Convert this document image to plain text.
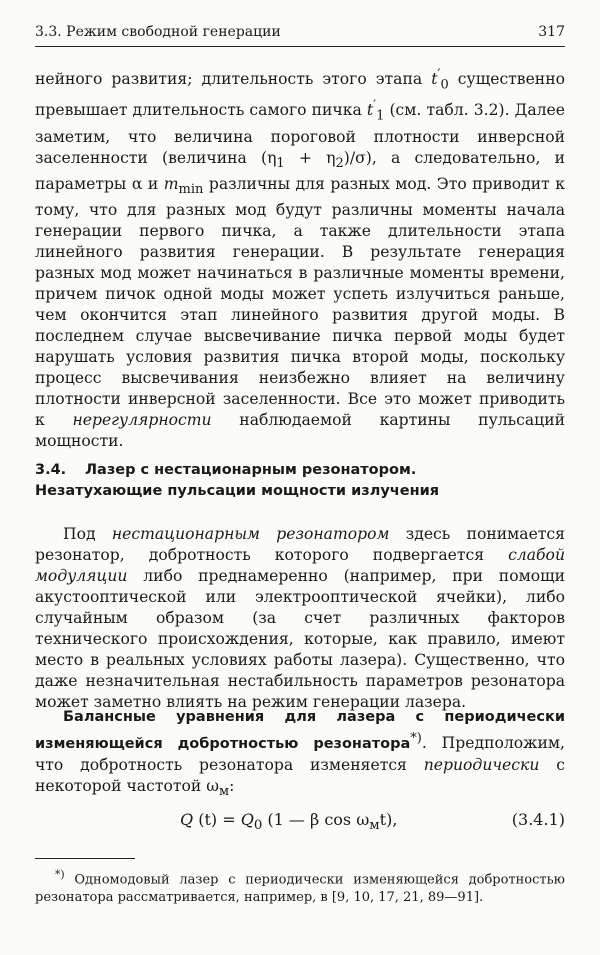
3.3. Режим свободной генерации	317

нейного развития; длительность этого этапа $t'_0$ существенно превышает длительность самого пичка $t'_1$ (см. табл. 3.2). Далее заметим, что величина пороговой плотности инверсной заселенности (величина $(\eta_1 + \eta_2)/\sigma$), а следовательно, и параметры α и $m_{min}$ различны для разных мод. Это приводит к тому, что для разных мод будут различны моменты начала генерации первого пичка, а также длительности этапа линейного развития генерации. В результате генерация разных мод может начинаться в различные моменты времени, причем пичок одной моды может успеть излучиться раньше, чем окончится этап линейного развития другой моды. В последнем случае высвечивание пичка первой моды будет нарушать условия развития пичка второй моды, поскольку процесс высвечивания неизбежно влияет на величину плотности инверсной заселенности. Все это может приводить к нерегулярности наблюдаемой картины пульсаций мощности.

3.4. Лазер с нестационарным резонатором.
Незатухающие пульсации мощности излучения

Под нестационарным резонатором здесь понимается резонатор, добротность которого подвергается слабой модуляции либо преднамеренно (например, при помощи акустооптической или электрооптической ячейки), либо случайным образом (за счет различных факторов технического происхождения, которые, как правило, имеют место в реальных условиях работы лазера). Существенно, что даже незначительная нестабильность параметров резонатора может заметно влиять на режим генерации лазера.

Балансные уравнения для лазера с периодически изменяющейся добротностью резонатора*). Предположим, что добротность резонатора изменяется периодически с некоторой частотой $\omega_м$:

Q $(t) = Q_0$ (1 — β $\cos \omega_мt$),	(3.4.1)
*) Одномодовый лазер с периодически изменяющейся добротностью резонатора рассматривается, например, в [9, 10, 17, 21, 89—91].
